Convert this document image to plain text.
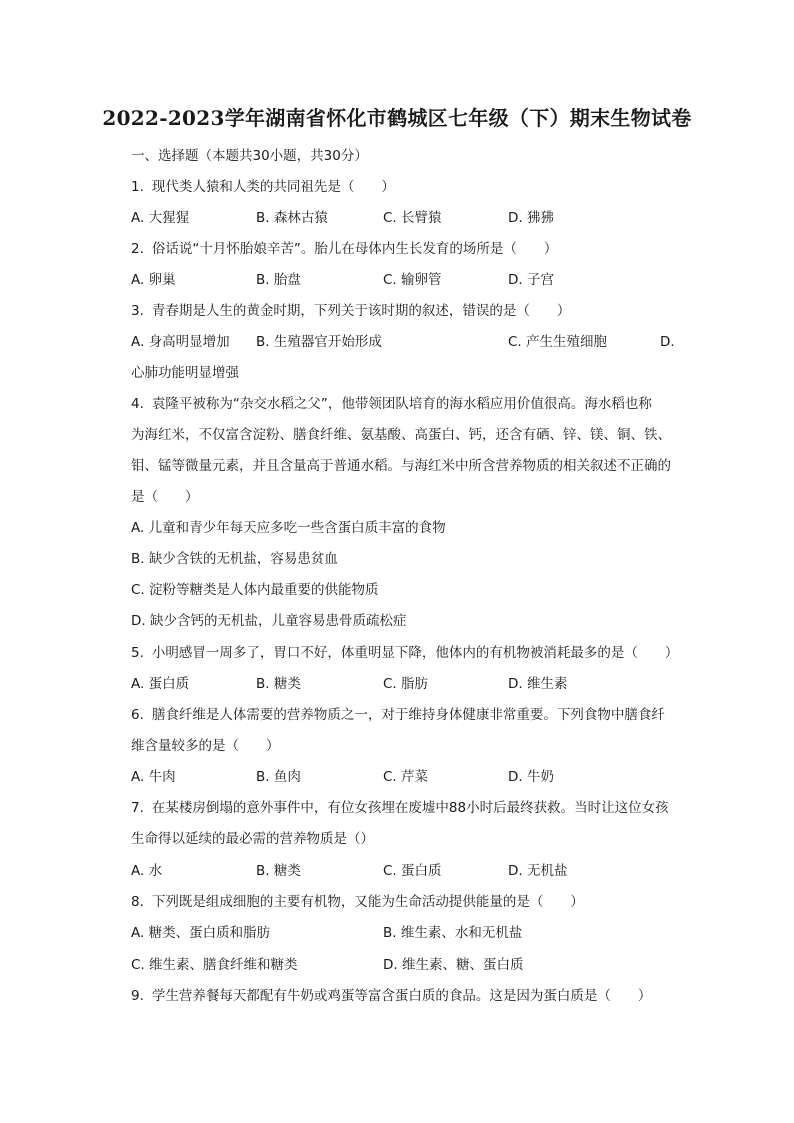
2022-2023学年湖南省怀化市鹤城区七年级（下）期末生物试卷
一、选择题（本题共30小题，共30分）
1. 现代类人猿和人类的共同祖先是（　　）
A. 大猩猩	B. 森林古猿	C. 长臂猿	D. 狒狒
2. 俗话说“十月怀胎娘辛苦”。胎儿在母体内生长发育的场所是（　　）
A. 卵巢	B. 胎盘	C. 输卵管	D. 子宫
3. 青春期是人生的黄金时期，下列关于该时期的叙述，错误的是（　　）
A. 身高明显增加 B. 生殖器官开始形成	C. 产生生殖细胞	D.
心肺功能明显增强
4. 袁隆平被称为“杂交水稻之父”，他带领团队培育的海水稻应用价值很高。海水稻也称
为海红米，不仅富含淀粉、膳食纤维、氨基酸、高蛋白、钙，还含有硒、锌、镁、铜、铁、
钼、锰等微量元素，并且含量高于普通水稻。与海红米中所含营养物质的相关叙述不正确的
是（　　）
A. 儿童和青少年每天应多吃一些含蛋白质丰富的食物
B. 缺少含铁的无机盐，容易患贫血
C. 淀粉等糖类是人体内最重要的供能物质
D. 缺少含钙的无机盐，儿童容易患骨质疏松症
5. 小明感冒一周多了，胃口不好，体重明显下降，他体内的有机物被消耗最多的是（　　）
A. 蛋白质	B. 糖类	C. 脂肪	D. 维生素
6. 膳食纤维是人体需要的营养物质之一，对于维持身体健康非常重要。下列食物中膳食纤
维含量较多的是（　　）
A. 牛肉	B. 鱼肉	C. 芹菜	D. 牛奶
7. 在某楼房倒塌的意外事件中，有位女孩埋在废墟中88小时后最终获救。当时让这位女孩
生命得以延续的最必需的营养物质是（）
A. 水	B. 糖类	C. 蛋白质	D. 无机盐
8. 下列既是组成细胞的主要有机物，又能为生命活动提供能量的是（　　）
A. 糖类、蛋白质和脂肪	B. 维生素、水和无机盐
C. 维生素、膳食纤维和糖类	D. 维生素、糖、蛋白质
9. 学生营养餐每天都配有牛奶或鸡蛋等富含蛋白质的食品。这是因为蛋白质是（　　）
